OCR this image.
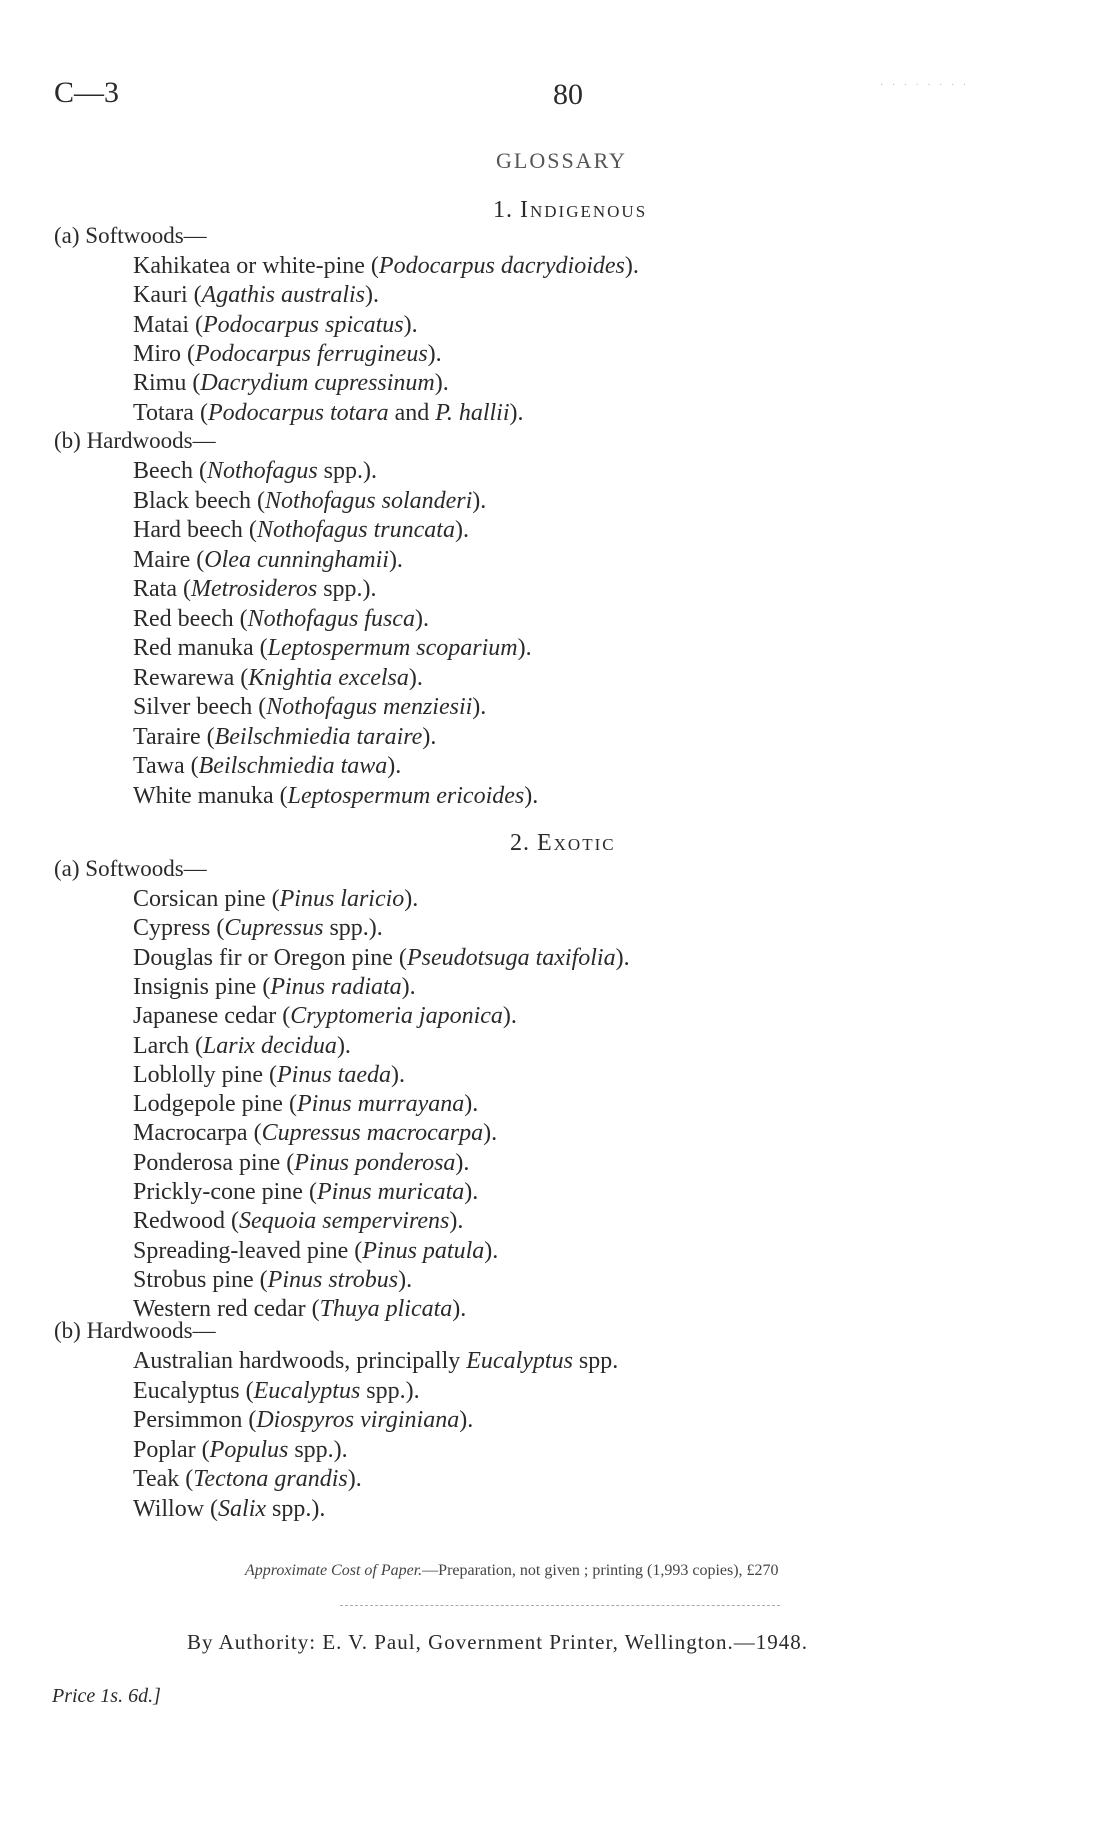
C—3	80	· · · · · · · ·
GLOSSARY
1. Indigenous
(a) Softwoods—
Kahikatea or white-pine (Podocarpus dacrydioides).
Kauri (Agathis australis).
Matai (Podocarpus spicatus).
Miro (Podocarpus ferrugineus).
Rimu (Dacrydium cupressinum).
Totara (Podocarpus totara and P. hallii).
(b) Hardwoods—
Beech (Nothofagus spp.).
Black beech (Nothofagus solanderi).
Hard beech (Nothofagus truncata).
Maire (Olea cunninghamii).
Rata (Metrosideros spp.).
Red beech (Nothofagus fusca).
Red manuka (Leptospermum scoparium).
Rewarewa (Knightia excelsa).
Silver beech (Nothofagus menziesii).
Taraire (Beilschmiedia taraire).
Tawa (Beilschmiedia tawa).
White manuka (Leptospermum ericoides).
2. Exotic
(a) Softwoods—
Corsican pine (Pinus laricio).
Cypress (Cupressus spp.).
Douglas fir or Oregon pine (Pseudotsuga taxifolia).
Insignis pine (Pinus radiata).
Japanese cedar (Cryptomeria japonica).
Larch (Larix decidua).
Loblolly pine (Pinus taeda).
Lodgepole pine (Pinus murrayana).
Macrocarpa (Cupressus macrocarpa).
Ponderosa pine (Pinus ponderosa).
Prickly-cone pine (Pinus muricata).
Redwood (Sequoia sempervirens).
Spreading-leaved pine (Pinus patula).
Strobus pine (Pinus strobus).
Western red cedar (Thuya plicata).
(b) Hardwoods—
Australian hardwoods, principally Eucalyptus spp.
Eucalyptus (Eucalyptus spp.).
Persimmon (Diospyros virginiana).
Poplar (Populus spp.).
Teak (Tectona grandis).
Willow (Salix spp.).
Approximate Cost of Paper.—Preparation, not given ; printing (1,993 copies), £270
By Authority: E. V. Paul, Government Printer, Wellington.—1948.
Price 1s. 6d.]
